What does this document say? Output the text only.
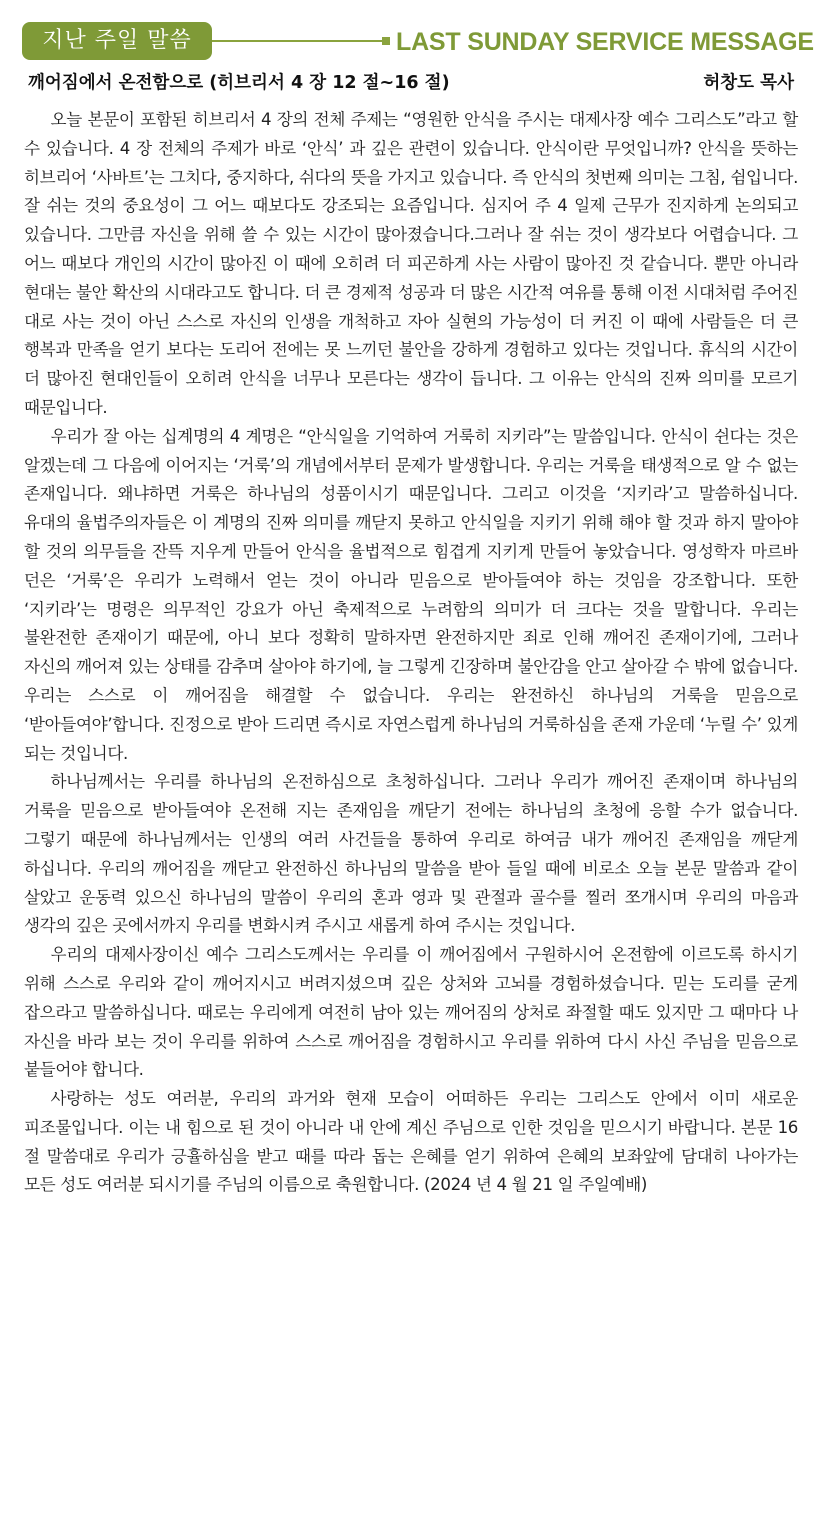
지난 주일 말씀	LAST SUNDAY SERVICE MESSAGE
깨어짐에서 온전함으로 (히브리서 4 장 12 절~16 절)	허창도 목사

오늘 본문이 포함된 히브리서 4 장의 전체 주제는 “영원한 안식을 주시는 대제사장 예수 그리스도”라고 할 수 있습니다. 4 장 전체의 주제가 바로 ‘안식’ 과 깊은 관련이 있습니다. 안식이란 무엇입니까? 안식을 뜻하는 히브리어 ‘사바트’는 그치다, 중지하다, 쉬다의 뜻을 가지고 있습니다. 즉 안식의 첫번째 의미는 그침, 쉼입니다. 잘 쉬는 것의 중요성이 그 어느 때보다도 강조되는 요즘입니다. 심지어 주 4 일제 근무가 진지하게 논의되고 있습니다. 그만큼 자신을 위해 쓸 수 있는 시간이 많아졌습니다.그러나 잘 쉬는 것이 생각보다 어렵습니다. 그 어느 때보다 개인의 시간이 많아진 이 때에 오히려 더 피곤하게 사는 사람이 많아진 것 같습니다. 뿐만 아니라 현대는 불안 확산의 시대라고도 합니다. 더 큰 경제적 성공과 더 많은 시간적 여유를 통해 이전 시대처럼 주어진 대로 사는 것이 아닌 스스로 자신의 인생을 개척하고 자아 실현의 가능성이 더 커진 이 때에 사람들은 더 큰 행복과 만족을 얻기 보다는 도리어 전에는 못 느끼던 불안을 강하게 경험하고 있다는 것입니다. 휴식의 시간이 더 많아진 현대인들이 오히려 안식을 너무나 모른다는 생각이 듭니다. 그 이유는 안식의 진짜 의미를 모르기 때문입니다.

우리가 잘 아는 십계명의 4 계명은 “안식일을 기억하여 거룩히 지키라”는 말씀입니다. 안식이 쉰다는 것은 알겠는데 그 다음에 이어지는 ‘거룩’의 개념에서부터 문제가 발생합니다. 우리는 거룩을 태생적으로 알 수 없는 존재입니다. 왜냐하면 거룩은 하나님의 성품이시기 때문입니다. 그리고 이것을 ‘지키라’고 말씀하십니다. 유대의 율법주의자들은 이 계명의 진짜 의미를 깨닫지 못하고 안식일을 지키기 위해 해야 할 것과 하지 말아야 할 것의 의무들을 잔뜩 지우게 만들어 안식을 율법적으로 힘겹게 지키게 만들어 놓았습니다. 영성학자 마르바 던은 ‘거룩’은 우리가 노력해서 얻는 것이 아니라 믿음으로 받아들여야 하는 것임을 강조합니다. 또한 ‘지키라’는 명령은 의무적인 강요가 아닌 축제적으로 누려함의 의미가 더 크다는 것을 말합니다. 우리는 불완전한 존재이기 때문에, 아니 보다 정확히 말하자면 완전하지만 죄로 인해 깨어진 존재이기에, 그러나 자신의 깨어져 있는 상태를 감추며 살아야 하기에, 늘 그렇게 긴장하며 불안감을 안고 살아갈 수 밖에 없습니다. 우리는 스스로 이 깨어짐을 해결할 수 없습니다. 우리는 완전하신 하나님의 거룩을 믿음으로 ‘받아들여야’합니다. 진정으로 받아 드리면 즉시로 자연스럽게 하나님의 거룩하심을 존재 가운데 ‘누릴 수’ 있게 되는 것입니다.

하나님께서는 우리를 하나님의 온전하심으로 초청하십니다. 그러나 우리가 깨어진 존재이며 하나님의 거룩을 믿음으로 받아들여야 온전해 지는 존재임을 깨닫기 전에는 하나님의 초청에 응할 수가 없습니다. 그렇기 때문에 하나님께서는 인생의 여러 사건들을 통하여 우리로 하여금 내가 깨어진 존재임을 깨닫게 하십니다. 우리의 깨어짐을 깨닫고 완전하신 하나님의 말씀을 받아 들일 때에 비로소 오늘 본문 말씀과 같이 살았고 운동력 있으신 하나님의 말씀이 우리의 혼과 영과 및 관절과 골수를 찔러 쪼개시며 우리의 마음과 생각의 깊은 곳에서까지 우리를 변화시켜 주시고 새롭게 하여 주시는 것입니다.

우리의 대제사장이신 예수 그리스도께서는 우리를 이 깨어짐에서 구원하시어 온전함에 이르도록 하시기 위해 스스로 우리와 같이 깨어지시고 버려지셨으며 깊은 상처와 고뇌를 경험하셨습니다. 믿는 도리를 굳게 잡으라고 말씀하십니다. 때로는 우리에게 여전히 남아 있는 깨어짐의 상처로 좌절할 때도 있지만 그 때마다 나 자신을 바라 보는 것이 우리를 위하여 스스로 깨어짐을 경험하시고 우리를 위하여 다시 사신 주님을 믿음으로 붙들어야 합니다.

사랑하는 성도 여러분, 우리의 과거와 현재 모습이 어떠하든 우리는 그리스도 안에서 이미 새로운 피조물입니다. 이는 내 힘으로 된 것이 아니라 내 안에 계신 주님으로 인한 것임을 믿으시기 바랍니다. 본문 16 절 말씀대로 우리가 긍휼하심을 받고 때를 따라 돕는 은혜를 얻기 위하여 은혜의 보좌앞에 담대히 나아가는 모든 성도 여러분 되시기를 주님의 이름으로 축원합니다. (2024 년 4 월 21 일 주일예배)
